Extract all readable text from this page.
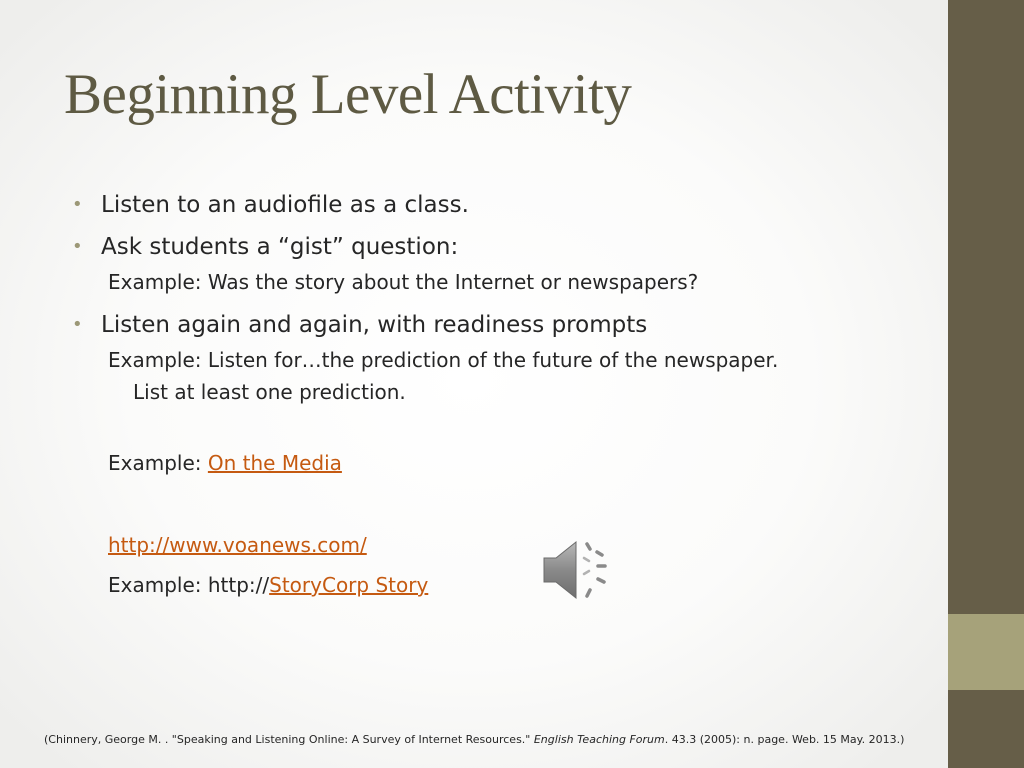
Beginning Level Activity
• Listen to an audiofile as a class.
• Ask students a “gist” question:
Example: Was the story about the Internet or newspapers?
• Listen again and again, with readiness prompts
Example: Listen for…the prediction of the future of the newspaper.
List at least one prediction.
Example: On the Media
http://www.voanews.com/
Example: http://StoryCorp Story
(Chinnery, George M. . "Speaking and Listening Online: A Survey of Internet Resources." English Teaching Forum. 43.3 (2005): n. page. Web. 15 May. 2013.)
